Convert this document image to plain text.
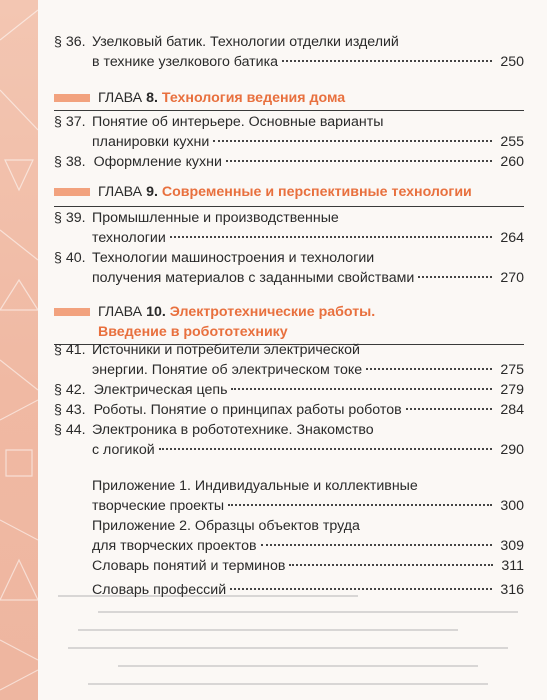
§ 36. Узелковый батик. Технологии отделки изделий
в технике узелкового батика	250
ГЛАВА 8. Технология ведения дома
§ 37. Понятие об интерьере. Основные варианты
планировки кухни	255
§ 38. Оформление кухни	260
ГЛАВА 9. Современные и перспективные технологии
§ 39. Промышленные и производственные
технологии	264
§ 40. Технологии машиностроения и технологии
получения материалов с заданными свойствами	270
ГЛАВА 10. Электротехнические работы.
Введение в робототехнику
§ 41. Источники и потребители электрической
энергии. Понятие об электрическом токе	275
§ 42. Электрическая цепь	279
§ 43. Роботы. Понятие о принципах работы роботов	284
§ 44. Электроника в робототехнике. Знакомство
с логикой	290
Приложение 1. Индивидуальные и коллективные
творческие проекты	300
Приложение 2. Образцы объектов труда
для творческих проектов	309
Словарь понятий и терминов	311
Словарь профессий	316
